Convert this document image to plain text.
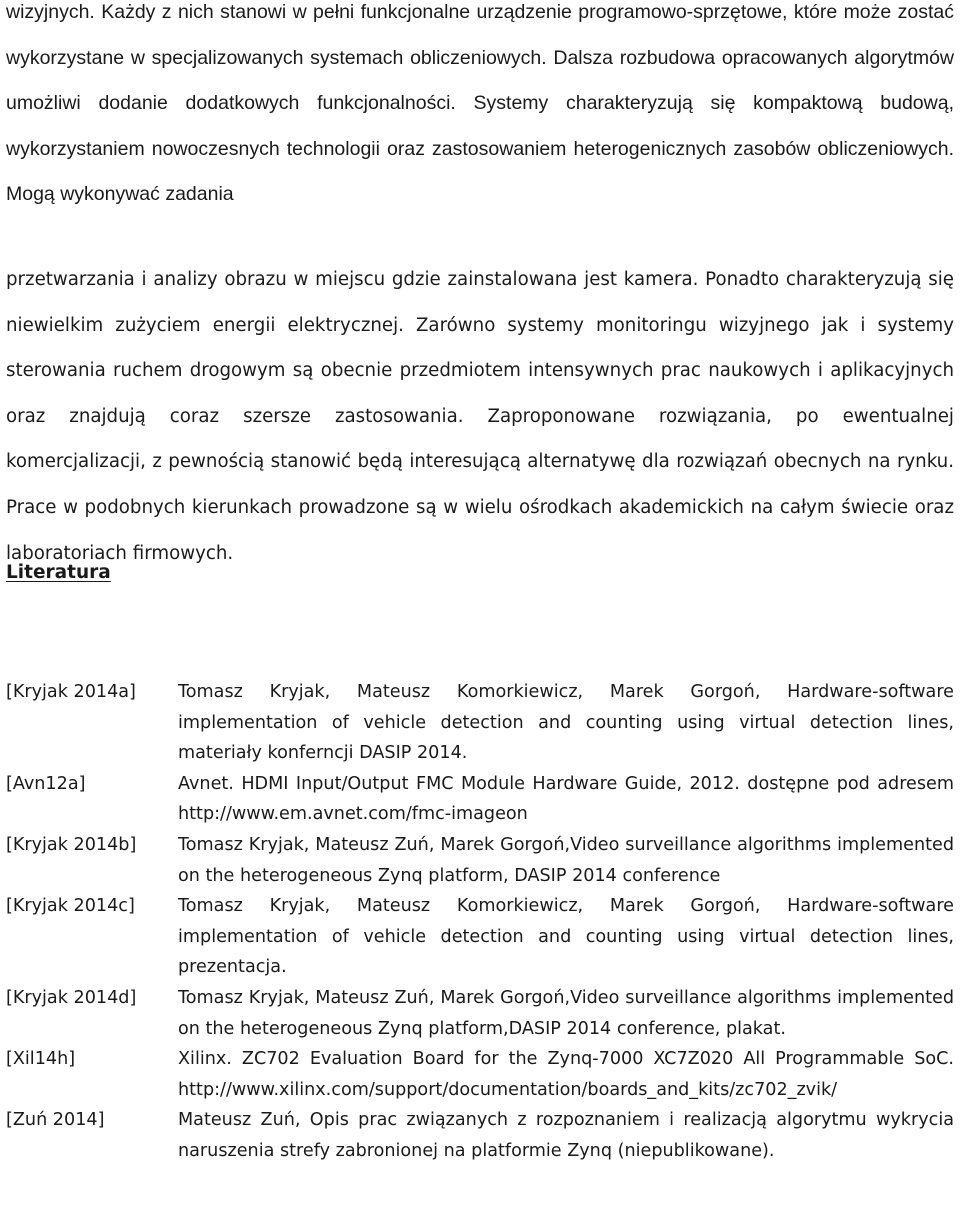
wizyjnych. Każdy z nich stanowi w pełni funkcjonalne urządzenie programowo-sprzętowe, które może zostać wykorzystane w specjalizowanych systemach obliczeniowych. Dalsza rozbudowa opracowanych algorytmów umożliwi dodanie dodatkowych funkcjonalności. Systemy charakteryzują się kompaktową budową, wykorzystaniem nowoczesnych technologii oraz zastosowaniem heterogenicznych zasobów obliczeniowych. Mogą wykonywać zadania

przetwarzania i analizy obrazu w miejscu gdzie zainstalowana jest kamera. Ponadto charakteryzują się niewielkim zużyciem energii elektrycznej. Zarówno systemy monitoringu wizyjnego jak i systemy sterowania ruchem drogowym są obecnie przedmiotem intensywnych prac naukowych i aplikacyjnych oraz znajdują coraz szersze zastosowania. Zaproponowane rozwiązania, po ewentualnej komercjalizacji, z pewnością stanowić będą interesującą alternatywę dla rozwiązań obecnych na rynku. Prace w podobnych kierunkach prowadzone są w wielu ośrodkach akademickich na całym świecie oraz laboratoriach firmowych.

Literatura
[Kryjak 2014a]	Tomasz Kryjak, Mateusz Komorkiewicz, Marek Gorgoń, Hardware-software implementation of vehicle detection and counting using virtual detection lines, materiały konferncji DASIP 2014.
[Avn12a]	Avnet. HDMI Input/Output FMC Module Hardware Guide, 2012. dostępne pod adresem http://www.em.avnet.com/fmc-imageon
[Kryjak 2014b]	Tomasz Kryjak, Mateusz Zuń, Marek Gorgoń,Video surveillance algorithms implemented on the heterogeneous Zynq platform, DASIP 2014 conference
[Kryjak 2014c]	Tomasz Kryjak, Mateusz Komorkiewicz, Marek Gorgoń, Hardware-software implementation of vehicle detection and counting using virtual detection lines, prezentacja.
[Kryjak 2014d]	Tomasz Kryjak, Mateusz Zuń, Marek Gorgoń,Video surveillance algorithms implemented on the heterogeneous Zynq platform,DASIP 2014 conference, plakat.
[Xil14h]	Xilinx. ZC702 Evaluation Board for the Zynq-7000 XC7Z020 All Programmable SoC. http://www.xilinx.com/support/documentation/boards_and_kits/zc702_zvik/
[Zuń 2014]	Mateusz Zuń, Opis prac związanych z rozpoznaniem i realizacją algorytmu wykrycia naruszenia strefy zabronionej na platformie Zynq (niepublikowane).
